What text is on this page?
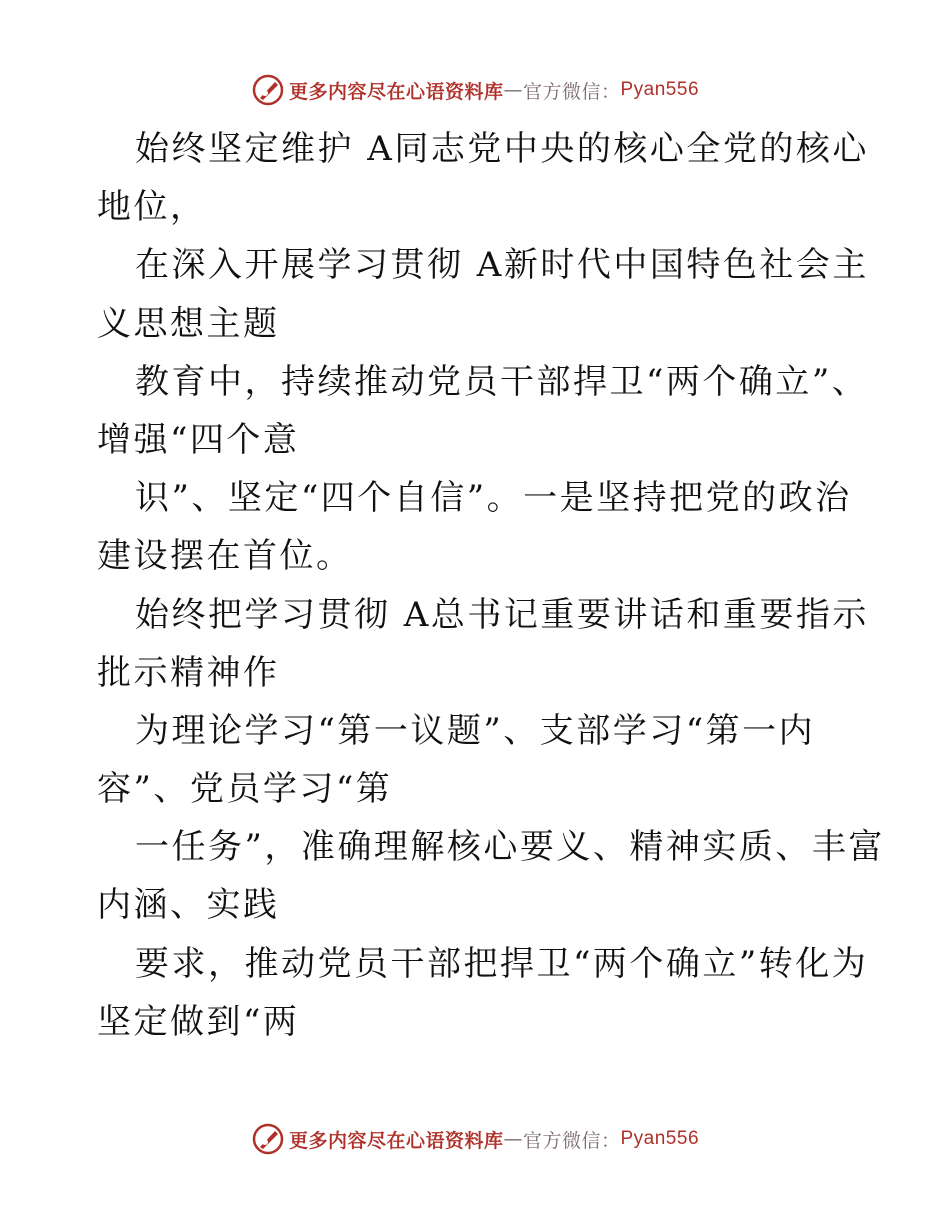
更多内容尽在心语资料库 — 官方微信： Pyan556
始终坚定维护 A同志党中央的核心全党的核心
地位，
在深入开展学习贯彻 A新时代中国特色社会主
义思想主题
教育中，持续推动党员干部捍卫“两个确立”、
增强“四个意
识”、坚定“四个自信”。一是坚持把党的政治
建设摆在首位。
始终把学习贯彻 A总书记重要讲话和重要指示
批示精神作
为理论学习“第一议题”、支部学习“第一内
容”、党员学习“第
一任务”，准确理解核心要义、精神实质、丰富
内涵、实践
要求，推动党员干部把捍卫“两个确立”转化为
坚定做到“两
更多内容尽在心语资料库 — 官方微信： Pyan556
